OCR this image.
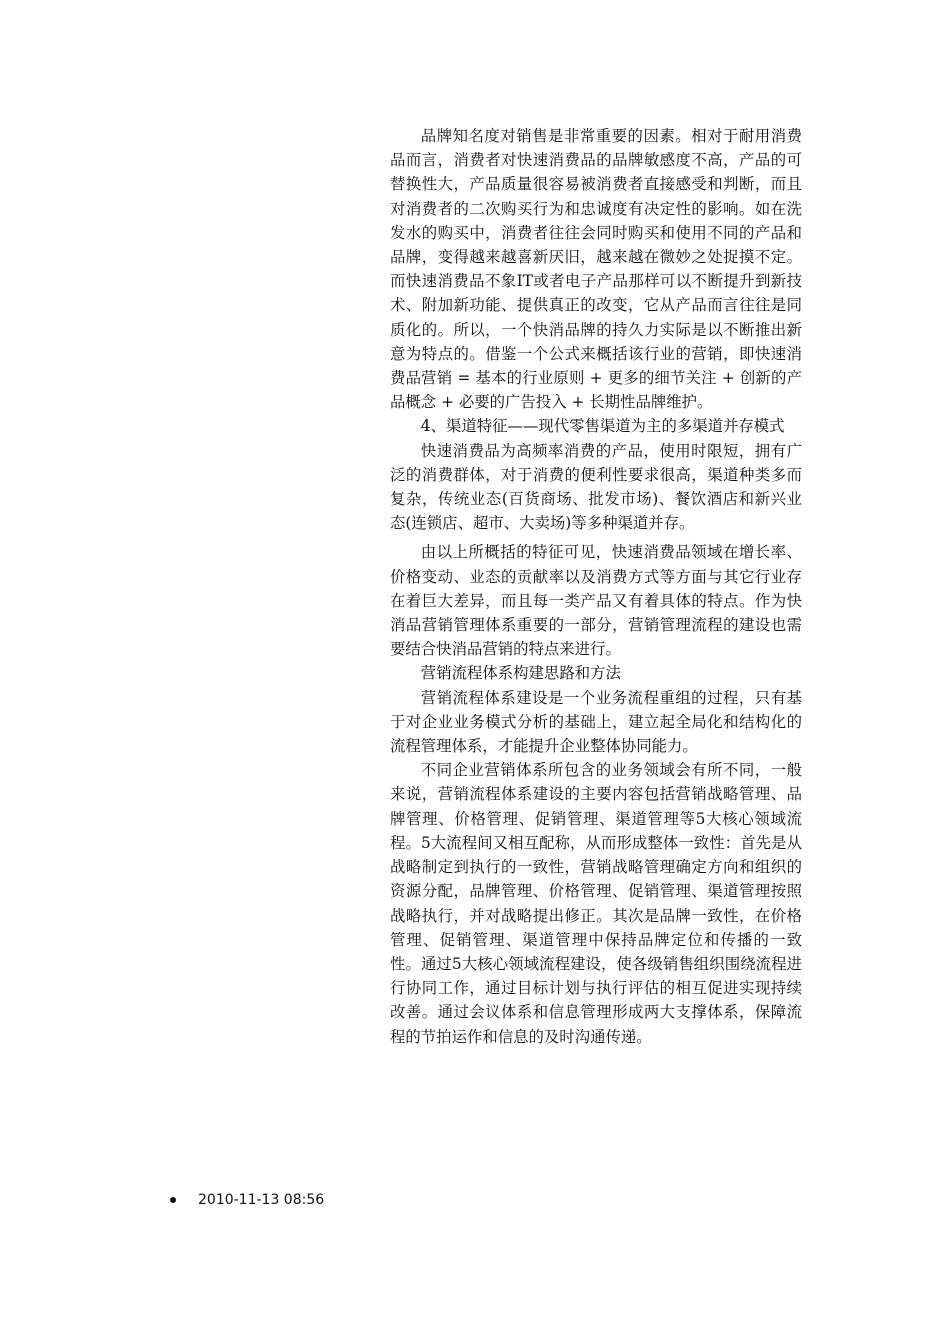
品牌知名度对销售是非常重要的因素。相对于耐用消费品而言，消费者对快速消费品的品牌敏感度不高，产品的可替换性大，产品质量很容易被消费者直接感受和判断，而且对消费者的二次购买行为和忠诚度有决定性的影响。如在洗发水的购买中，消费者往往会同时购买和使用不同的产品和品牌，变得越来越喜新厌旧，越来越在微妙之处捉摸不定。而快速消费品不象IT或者电子产品那样可以不断提升到新技术、附加新功能、提供真正的改变，它从产品而言往往是同质化的。所以，一个快消品牌的持久力实际是以不断推出新意为特点的。借鉴一个公式来概括该行业的营销，即快速消费品营销 = 基本的行业原则 + 更多的细节关注 + 创新的产品概念 + 必要的广告投入 + 长期性品牌维护。

4、渠道特征——现代零售渠道为主的多渠道并存模式

快速消费品为高频率消费的产品，使用时限短，拥有广泛的消费群体，对于消费的便利性要求很高，渠道种类多而复杂，传统业态(百货商场、批发市场)、餐饮酒店和新兴业态(连锁店、超市、大卖场)等多种渠道并存。

由以上所概括的特征可见，快速消费品领域在增长率、价格变动、业态的贡献率以及消费方式等方面与其它行业存在着巨大差异，而且每一类产品又有着具体的特点。作为快消品营销管理体系重要的一部分，营销管理流程的建设也需要结合快消品营销的特点来进行。

营销流程体系构建思路和方法

营销流程体系建设是一个业务流程重组的过程，只有基于对企业业务模式分析的基础上，建立起全局化和结构化的流程管理体系，才能提升企业整体协同能力。

不同企业营销体系所包含的业务领域会有所不同，一般来说，营销流程体系建设的主要内容包括营销战略管理、品牌管理、价格管理、促销管理、渠道管理等5大核心领域流程。5大流程间又相互配称，从而形成整体一致性：首先是从战略制定到执行的一致性，营销战略管理确定方向和组织的资源分配，品牌管理、价格管理、促销管理、渠道管理按照战略执行，并对战略提出修正。其次是品牌一致性，在价格管理、促销管理、渠道管理中保持品牌定位和传播的一致性。通过5大核心领域流程建设，使各级销售组织围绕流程进行协同工作，通过目标计划与执行评估的相互促进实现持续改善。通过会议体系和信息管理形成两大支撑体系，保障流程的节拍运作和信息的及时沟通传递。

2010-11-13 08:56
